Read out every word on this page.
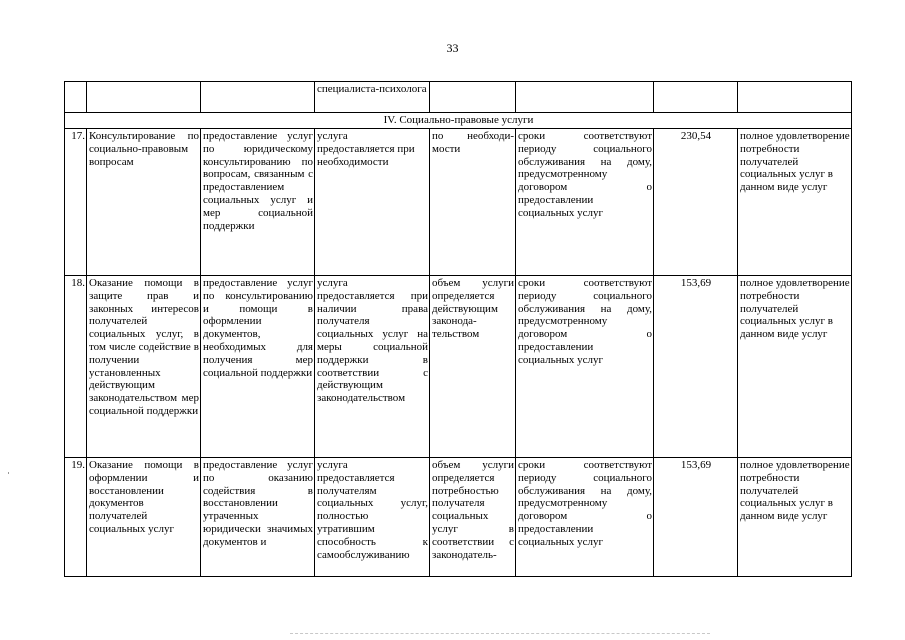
33
			специалиста-психолога				
IV. Социально-правовые услуги							
17.	Консультирование по социально-правовым вопросам	предоставление услуг по юридическому консультированию по вопросам, связанным с предоставлением социальных услуг и мер социальной поддержки	услуга предоставляется при необходимости	по необходи-мости	сроки соответствуют периоду социального обслуживания на дому, предусмотренному договором о предоставлении социальных услуг	230,54	полное удовлетворение потребности получателей социальных услуг в данном виде услуг
18.	Оказание помощи в защите прав и законных интересов получателей социальных услуг, в том числе содействие в получении установленных действующим законодательством мер социальной поддержки	предоставление услуг по консультированию и помощи в оформлении документов, необходимых для получения мер социальной поддержки	услуга предоставляется при наличии права получателя социальных услуг на меры социальной поддержки в соответствии с действующим законодательством	объем услуги определяется действующим законода-тельством	сроки соответствуют периоду социального обслуживания на дому, предусмотренному договором о предоставлении социальных услуг	153,69	полное удовлетворение потребности получателей социальных услуг в данном виде услуг
19.	Оказание помощи в оформлении и восстановлении документов получателей социальных услуг	предоставление услуг по оказанию содействия в восстановлении утраченных юридически значимых документов и	услуга предоставляется получателям социальных услуг, полностью утратившим способность к самообслуживанию	объем услуги определяется потребностью получателя социальных услуг в соответствии с законодатель-	сроки соответствуют периоду социального обслуживания на дому, предусмотренному договором о предоставлении социальных услуг	153,69	полное удовлетворение потребности получателей социальных услуг в данном виде услуг
